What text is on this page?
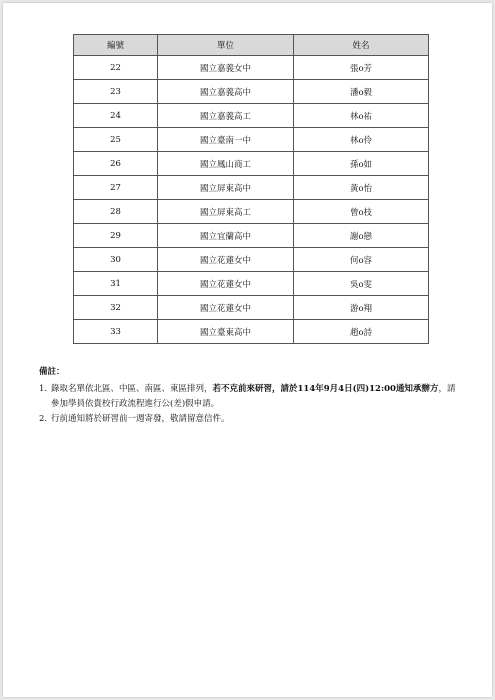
編號	單位	姓名
22	國立嘉義女中	張o芳
23	國立嘉義高中	潘o毅
24	國立嘉義高工	林o祐
25	國立臺南一中	林o伶
26	國立鳳山商工	孫o如
27	國立屏東高中	黃o怡
28	國立屏東高工	曾o枝
29	國立宜蘭高中	謝o戀
30	國立花蓮女中	何o容
31	國立花蓮女中	吳o雯
32	國立花蓮女中	游o翔
33	國立臺東高中	趙o詩
備註：
1. 錄取名單依北區、中區、南區、東區排列，若不克前來研習，請於114年9月4日(四)12:00通知承辦方，請參加學員依貴校行政流程進行公(差)假申請。
2. 行前通知將於研習前一週寄發，敬請留意信件。
